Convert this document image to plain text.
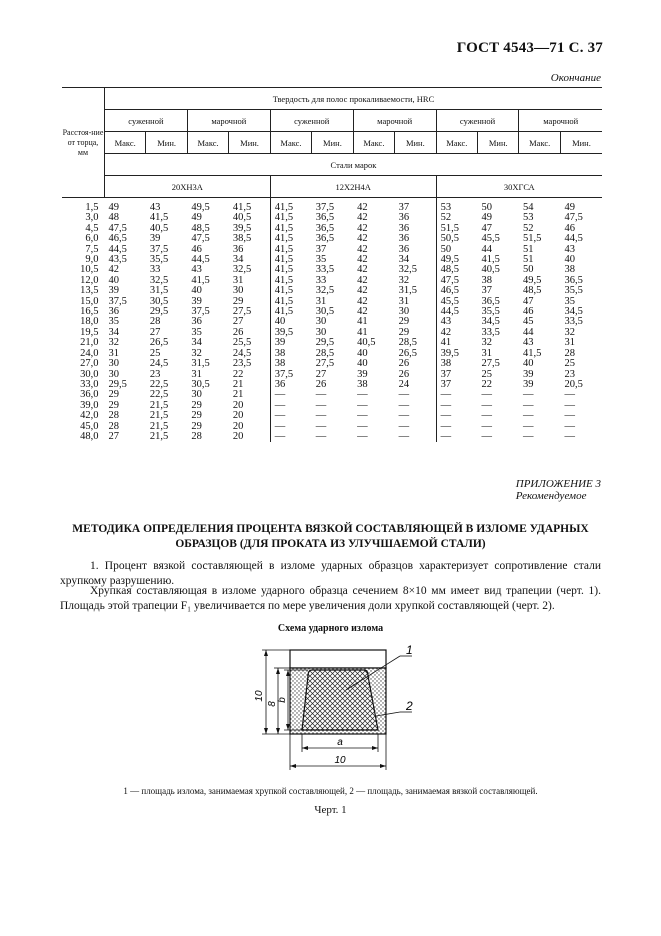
ГОСТ 4543—71 С. 37
Окончание
Расстоя-ние от торца, мм	Твердость для полос прокаливаемости, HRC											
	суженной		марочной		суженной		марочной		суженной		марочной	
	Макс.	Мин.	Макс.	Мин.	Макс.	Мин.	Макс.	Мин.	Макс.	Мин.	Макс.	Мин.
	Стали марок											
	20ХН3А				12Х2Н4А				30ХГСА			
1,5	49	43	49,5	41,5	41,5	37,5	42	37	53	50	54	49
3,0	48	41,5	49	40,5	41,5	36,5	42	36	52	49	53	47,5
4,5	47,5	40,5	48,5	39,5	41,5	36,5	42	36	51,5	47	52	46
6,0	46,5	39	47,5	38,5	41,5	36,5	42	36	50,5	45,5	51,5	44,5
7,5	44,5	37,5	46	36	41,5	37	42	36	50	44	51	43
9,0	43,5	35,5	44,5	34	41,5	35	42	34	49,5	41,5	51	40
10,5	42	33	43	32,5	41,5	33,5	42	32,5	48,5	40,5	50	38
12,0	40	32,5	41,5	31	41,5	33	42	32	47,5	38	49,5	36,5
13,5	39	31,5	40	30	41,5	32,5	42	31,5	46,5	37	48,5	35,5
15,0	37,5	30,5	39	29	41,5	31	42	31	45,5	36,5	47	35
16,5	36	29,5	37,5	27,5	41,5	30,5	42	30	44,5	35,5	46	34,5
18,0	35	28	36	27	40	30	41	29	43	34,5	45	33,5
19,5	34	27	35	26	39,5	30	41	29	42	33,5	44	32
21,0	32	26,5	34	25,5	39	29,5	40,5	28,5	41	32	43	31
24,0	31	25	32	24,5	38	28,5	40	26,5	39,5	31	41,5	28
27,0	30	24,5	31,5	23,5	38	27,5	40	26	38	27,5	40	25
30,0	30	23	31	22	37,5	27	39	26	37	25	39	23
33,0	29,5	22,5	30,5	21	36	26	38	24	37	22	39	20,5
36,0	29	22,5	30	21	—	—	—	—	—	—	—	—
39,0	29	21,5	29	20	—	—	—	—	—	—	—	—
42,0	28	21,5	29	20	—	—	—	—	—	—	—	—
45,0	28	21,5	29	20	—	—	—	—	—	—	—	—
48,0	27	21,5	28	20	—	—	—	—	—	—	—	—
ПРИЛОЖЕНИЕ 3
Рекомендуемое
МЕТОДИКА ОПРЕДЕЛЕНИЯ ПРОЦЕНТА ВЯЗКОЙ СОСТАВЛЯЮЩЕЙ В ИЗЛОМЕ УДАРНЫХ ОБРАЗЦОВ (ДЛЯ ПРОКАТА ИЗ УЛУЧШАЕМОЙ СТАЛИ)
1. Процент вязкой составляющей в изломе ударных образцов характеризует сопротивление стали хрупкому разрушению.
Хрупкая составляющая в изломе ударного образца сечением 8×10 мм имеет вид трапеции (черт. 1). Площадь этой трапеции F₁ увеличивается по мере увеличения доли хрупкой составляющей (черт. 2).
Схема ударного излома
1
2
10
8
b
a
10
1 — площадь излома, занимаемая хрупкой составляющей, 2 — площадь, занимаемая вязкой составляющей.
Черт. 1
